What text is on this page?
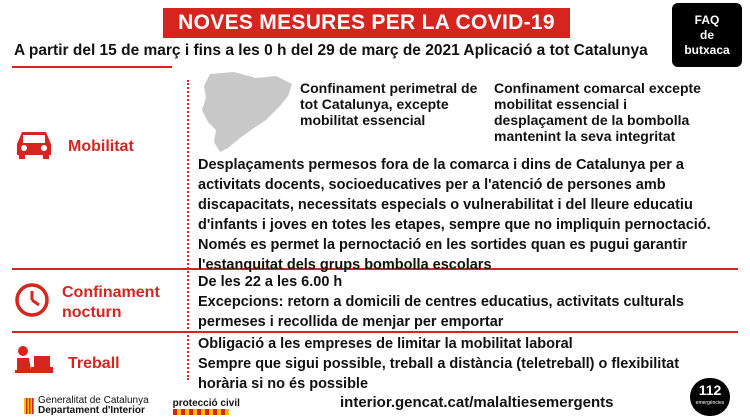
NOVES MESURES PER LA COVID-19	FAQ
de
butxaca
A partir del 15 de març i fins a les 0 h del 29 de març de 2021 Aplicació a tot Catalunya
Mobilitat
Confinament perimetral de tot Catalunya, excepte mobilitat essencial
Confinament comarcal excepte mobilitat essencial i desplaçament de la bombolla mantenint la seva integritat
Desplaçaments permesos fora de la comarca i dins de Catalunya per a activitats docents, socioeducatives per a l'atenció de persones amb discapacitats, necessitats especials o vulnerabilitat i del lleure educatiu d'infants i joves en totes les etapes, sempre que no impliquin pernoctació. Només es permet la pernoctació en les sortides quan es pugui garantir l'estanquitat dels grups bombolla escolars
Confinament
nocturn
De les 22 a les 6.00 h
Excepcions: retorn a domicili de centres educatius, activitats culturals permeses i recollida de menjar per emportar
Treball
Obligació a les empreses de limitar la mobilitat laboral
Sempre que sigui possible, treball a distància (teletreball) o flexibilitat horària si no és possible
Generalitat de Catalunya
Departament d'Interior
protecció civil	interior.gencat.cat/malaltiesemergents
112
emergències
